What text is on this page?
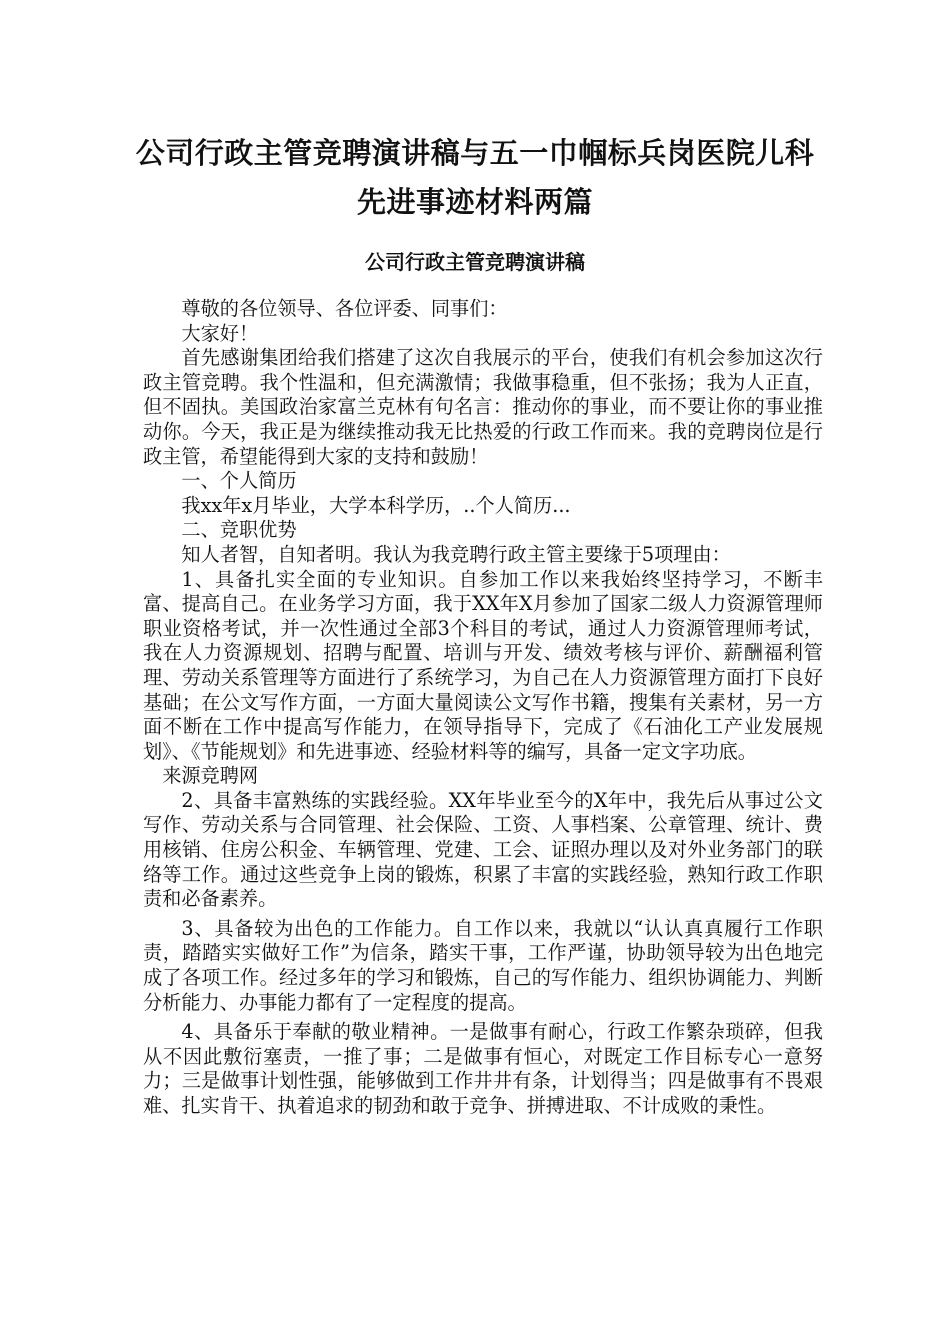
公司行政主管竞聘演讲稿与五一巾帼标兵岗医院儿科
先进事迹材料两篇
公司行政主管竞聘演讲稿

尊敬的各位领导、各位评委、同事们：

大家好！

首先感谢集团给我们搭建了这次自我展示的平台，使我们有机会参加这次行政主管竞聘。我个性温和，但充满激情；我做事稳重，但不张扬；我为人正直，但不固执。美国政治家富兰克林有句名言：推动你的事业，而不要让你的事业推动你。今天，我正是为继续推动我无比热爱的行政工作而来。我的竞聘岗位是行政主管，希望能得到大家的支持和鼓励！

一、个人简历

我xx年x月毕业，大学本科学历，..个人简历...

二、竞职优势

知人者智，自知者明。我认为我竞聘行政主管主要缘于5项理由：

1、具备扎实全面的专业知识。自参加工作以来我始终坚持学习，不断丰富、提高自己。在业务学习方面，我于XX年X月参加了国家二级人力资源管理师职业资格考试，并一次性通过全部3个科目的考试，通过人力资源管理师考试，我在人力资源规划、招聘与配置、培训与开发、绩效考核与评价、薪酬福利管理、劳动关系管理等方面进行了系统学习，为自己在人力资源管理方面打下良好基础；在公文写作方面，一方面大量阅读公文写作书籍，搜集有关素材，另一方面不断在工作中提高写作能力，在领导指导下，完成了《石油化工产业发展规划》、《节能规划》和先进事迹、经验材料等的编写，具备一定文字功底。

来源竞聘网

2、具备丰富熟练的实践经验。XX年毕业至今的X年中，我先后从事过公文写作、劳动关系与合同管理、社会保险、工资、人事档案、公章管理、统计、费用核销、住房公积金、车辆管理、党建、工会、证照办理以及对外业务部门的联络等工作。通过这些竞争上岗的锻炼，积累了丰富的实践经验，熟知行政工作职责和必备素养。

3、具备较为出色的工作能力。自工作以来，我就以“认认真真履行工作职责，踏踏实实做好工作”为信条，踏实干事，工作严谨，协助领导较为出色地完成了各项工作。经过多年的学习和锻炼，自己的写作能力、组织协调能力、判断分析能力、办事能力都有了一定程度的提高。

4、具备乐于奉献的敬业精神。一是做事有耐心，行政工作繁杂琐碎，但我从不因此敷衍塞责，一推了事；二是做事有恒心，对既定工作目标专心一意努力；三是做事计划性强，能够做到工作井井有条，计划得当；四是做事有不畏艰难、扎实肯干、执着追求的韧劲和敢于竞争、拼搏进取、不计成败的秉性。
